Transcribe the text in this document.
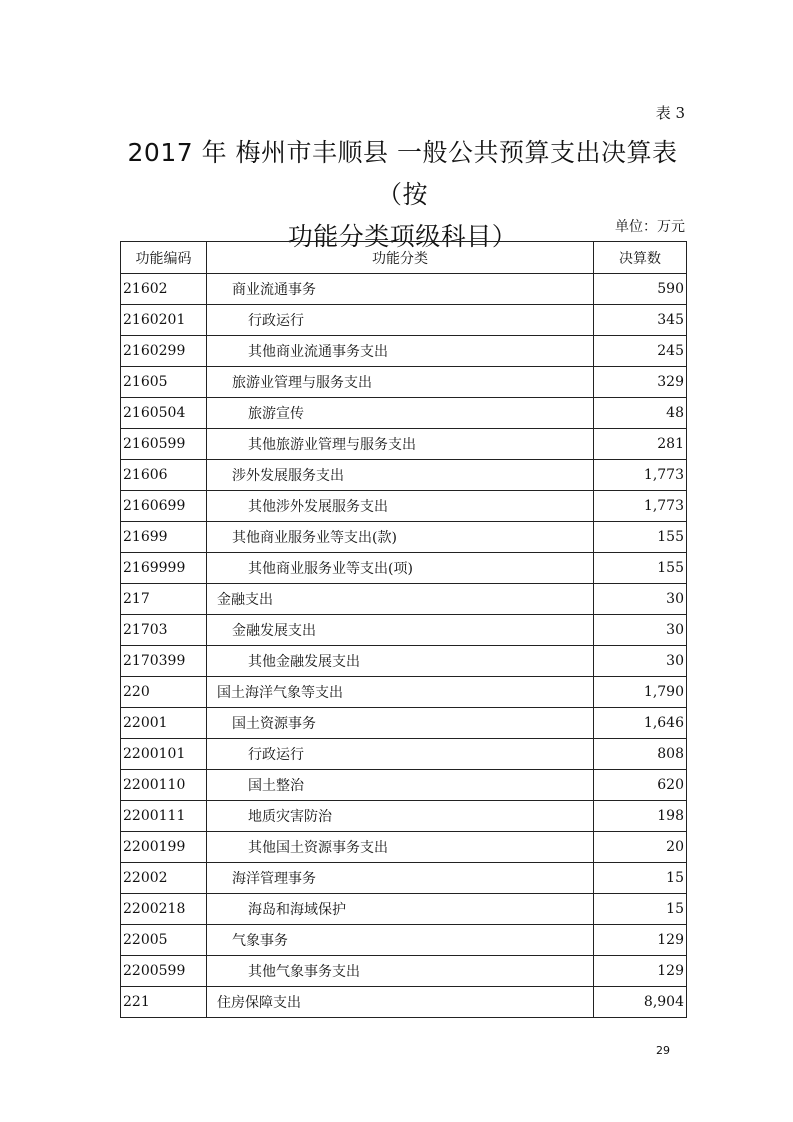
表 3
2017 年 梅州市丰顺县 一般公共预算支出决算表（按
功能分类项级科目）	单位：万元
功能编码	功能分类	决算数
21602	商业流通事务	590
2160201	行政运行	345
2160299	其他商业流通事务支出	245
21605	旅游业管理与服务支出	329
2160504	旅游宣传	48
2160599	其他旅游业管理与服务支出	281
21606	涉外发展服务支出	1,773
2160699	其他涉外发展服务支出	1,773
21699	其他商业服务业等支出(款)	155
2169999	其他商业服务业等支出(项)	155
217	金融支出	30
21703	金融发展支出	30
2170399	其他金融发展支出	30
220	国土海洋气象等支出	1,790
22001	国土资源事务	1,646
2200101	行政运行	808
2200110	国土整治	620
2200111	地质灾害防治	198
2200199	其他国土资源事务支出	20
22002	海洋管理事务	15
2200218	海岛和海域保护	15
22005	气象事务	129
2200599	其他气象事务支出	129
221	住房保障支出	8,904
29
